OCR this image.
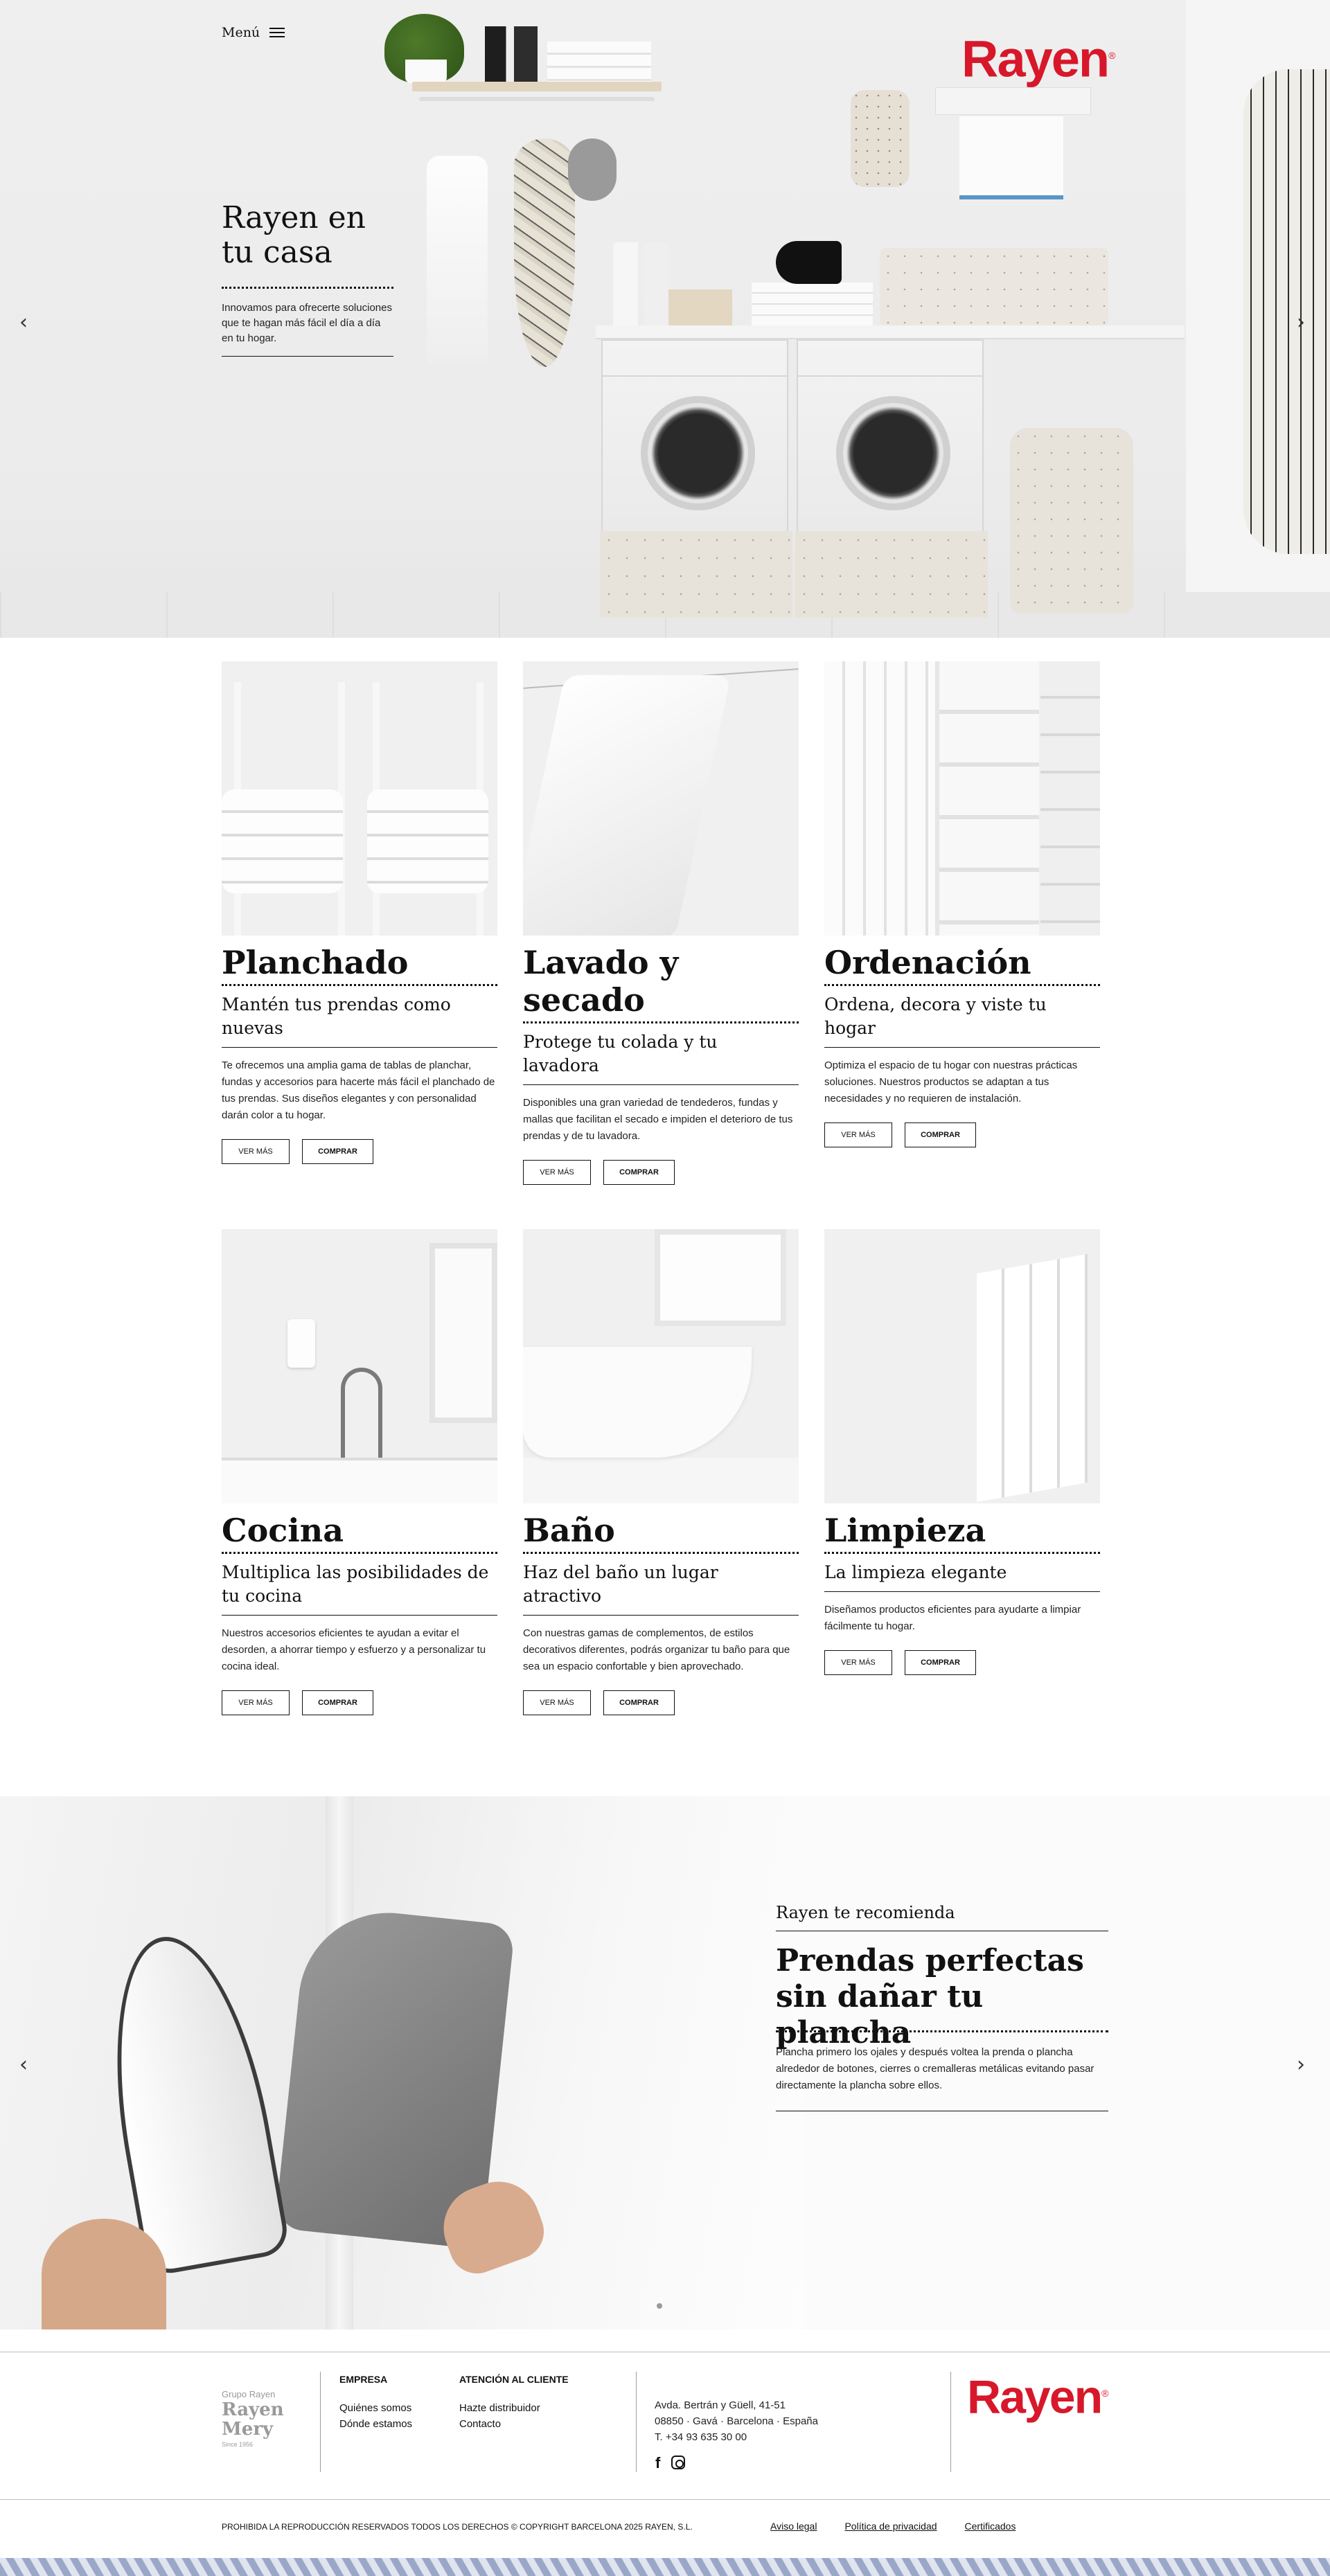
Menú	Rayen®
Rayen en tu casa

Innovamos para ofrecerte soluciones que te hagan más fácil el día a día en tu hogar.

‹	›
Planchado
Mantén tus prendas como nuevas

Te ofrecemos una amplia gama de tablas de planchar, fundas y accesorios para hacerte más fácil el planchado de tus prendas. Sus diseños elegantes y con personalidad darán color a tu hogar.

VER MÁS	COMPRAR
Lavado y secado
Protege tu colada y tu lavadora

Disponibles una gran variedad de tendederos, fundas y mallas que facilitan el secado e impiden el deterioro de tus prendas y de tu lavadora.

VER MÁS	COMPRAR
Ordenación
Ordena, decora y viste tu hogar

Optimiza el espacio de tu hogar con nuestras prácticas soluciones. Nuestros productos se adaptan a tus necesidades y no requieren de instalación.

VER MÁS	COMPRAR
Cocina
Multiplica las posibilidades de tu cocina

Nuestros accesorios eficientes te ayudan a evitar el desorden, a ahorrar tiempo y esfuerzo y a personalizar tu cocina ideal.

VER MÁS	COMPRAR
Baño
Haz del baño un lugar atractivo

Con nuestras gamas de complementos, de estilos decorativos diferentes, podrás organizar tu baño para que sea un espacio confortable y bien aprovechado.

VER MÁS	COMPRAR
Limpieza
La limpieza elegante

Diseñamos productos eficientes para ayudarte a limpiar fácilmente tu hogar.

VER MÁS	COMPRAR
‹	›
Rayen te recomienda
Prendas perfectas sin dañar tu plancha

Plancha primero los ojales y después voltea la prenda o plancha alrededor de botones, cierres o cremalleras metálicas evitando pasar directamente la plancha sobre ellos.

Grupo Rayen
Rayen
Mery
Since 1956
EMPRESA
Quiénes somos
Dónde estamos
ATENCIÓN AL CLIENTE
Hazte distribuidor
Contacto
Avda. Bertrán y Güell, 41-51
08850 · Gavá · Barcelona · España
T. +34 93 635 30 00
f
Rayen®
PROHIBIDA LA REPRODUCCIÓN RESERVADOS TODOS LOS DERECHOS © COPYRIGHT BARCELONA 2025 RAYEN, S.L.	Aviso legal	Política de privacidad	Certificados
